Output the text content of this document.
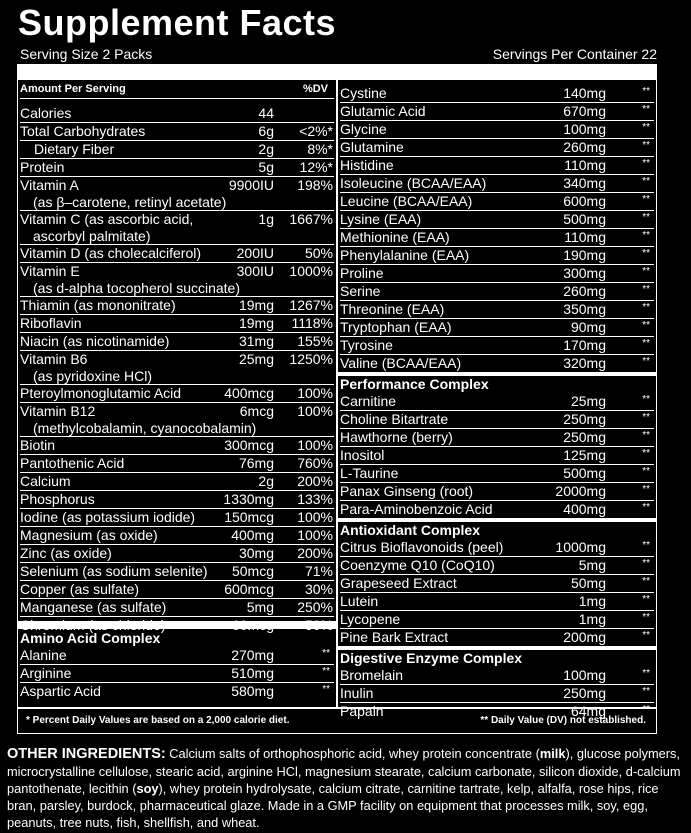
Supplement Facts
Serving Size 2 Packs	Servings Per Container 22
Amount Per Serving	%DV
Calories	44
Total Carbohydrates	6g <2%*
Dietary Fiber	2g 8%*
Protein	5g 12%*
Vitamin A	9900IU 198%
(as β–carotene, retinyl acetate)
Vitamin C (as ascorbic acid,	1g 1667%
ascorbyl palmitate)
Vitamin D (as cholecalciferol)	200IU 50%
Vitamin E	300IU 1000%
(as d-alpha tocopherol succinate)
Thiamin (as mononitrate)	19mg 1267%
Riboflavin	19mg 1118%
Niacin (as nicotinamide)	31mg 155%
Vitamin B6	25mg 1250%
(as pyridoxine HCl)
Pteroylmonoglutamic Acid	400mcg 100%
Vitamin B12	6mcg 100%
(methylcobalamin, cyanocobalamin)
Biotin	300mcg 100%
Pantothenic Acid	76mg 760%
Calcium	2g 200%
Phosphorus	1330mg 133%
Iodine (as potassium iodide) 150mcg 100%
Magnesium (as oxide)	400mg 100%
Zinc (as oxide)	30mg 200%
Selenium (as sodium selenite) 50mcg 71%
Copper (as sulfate)	600mcg 30%
Manganese (as sulfate)	5mg 250%
Amino Acid Complex
Alanine	270mg	**
Arginine	510mg	**
Aspartic Acid	580mg	**
Cystine	140mg	**
Glutamic Acid	670mg	**
Glycine	100mg	**
Glutamine	260mg	**
Histidine	110mg	**
Isoleucine (BCAA/EAA)	340mg	**
Leucine (BCAA/EAA)	600mg	**
Lysine (EAA)	500mg	**
Methionine (EAA)	110mg	**
Phenylalanine (EAA)	190mg	**
Proline	300mg	**
Serine	260mg	**
Threonine (EAA)	350mg	**
Tryptophan (EAA)	90mg	**
Tyrosine	170mg	**
Valine (BCAA/EAA)	320mg	**
Performance Complex
Carnitine	25mg	**
Choline Bitartrate	250mg	**
Hawthorne (berry)	250mg	**
Inositol	125mg	**
L-Taurine	500mg	**
Panax Ginseng (root)	2000mg	**
Para-Aminobenzoic Acid	400mg	**
Antioxidant Complex
Citrus Bioflavonoids (peel)	1000mg	**
Coenzyme Q10 (CoQ10)	5mg	**
Grapeseed Extract	50mg	**
Lutein	1mg	**
Lycopene	1mg	**
Pine Bark Extract	200mg	**
Digestive Enzyme Complex
Bromelain	100mg	**
Inulin	250mg	**
Papain	64mg	**
* Percent Daily Values are based on a 2,000 calorie diet.	** Daily Value (DV) not established.
OTHER INGREDIENTS: Calcium salts of orthophosphoric acid, whey protein concentrate (milk), glucose polymers, microcrystalline cellulose, stearic acid, arginine HCl, magnesium stearate, calcium carbonate, silicon dioxide, d-calcium pantothenate, lecithin (soy), whey protein hydrolysate, calcium citrate, carnitine tartrate, kelp, alfalfa, rose hips, rice bran, parsley, burdock, pharmaceutical glaze. Made in a GMP facility on equipment that processes milk, soy, egg, peanuts, tree nuts, fish, shellfish, and wheat.
